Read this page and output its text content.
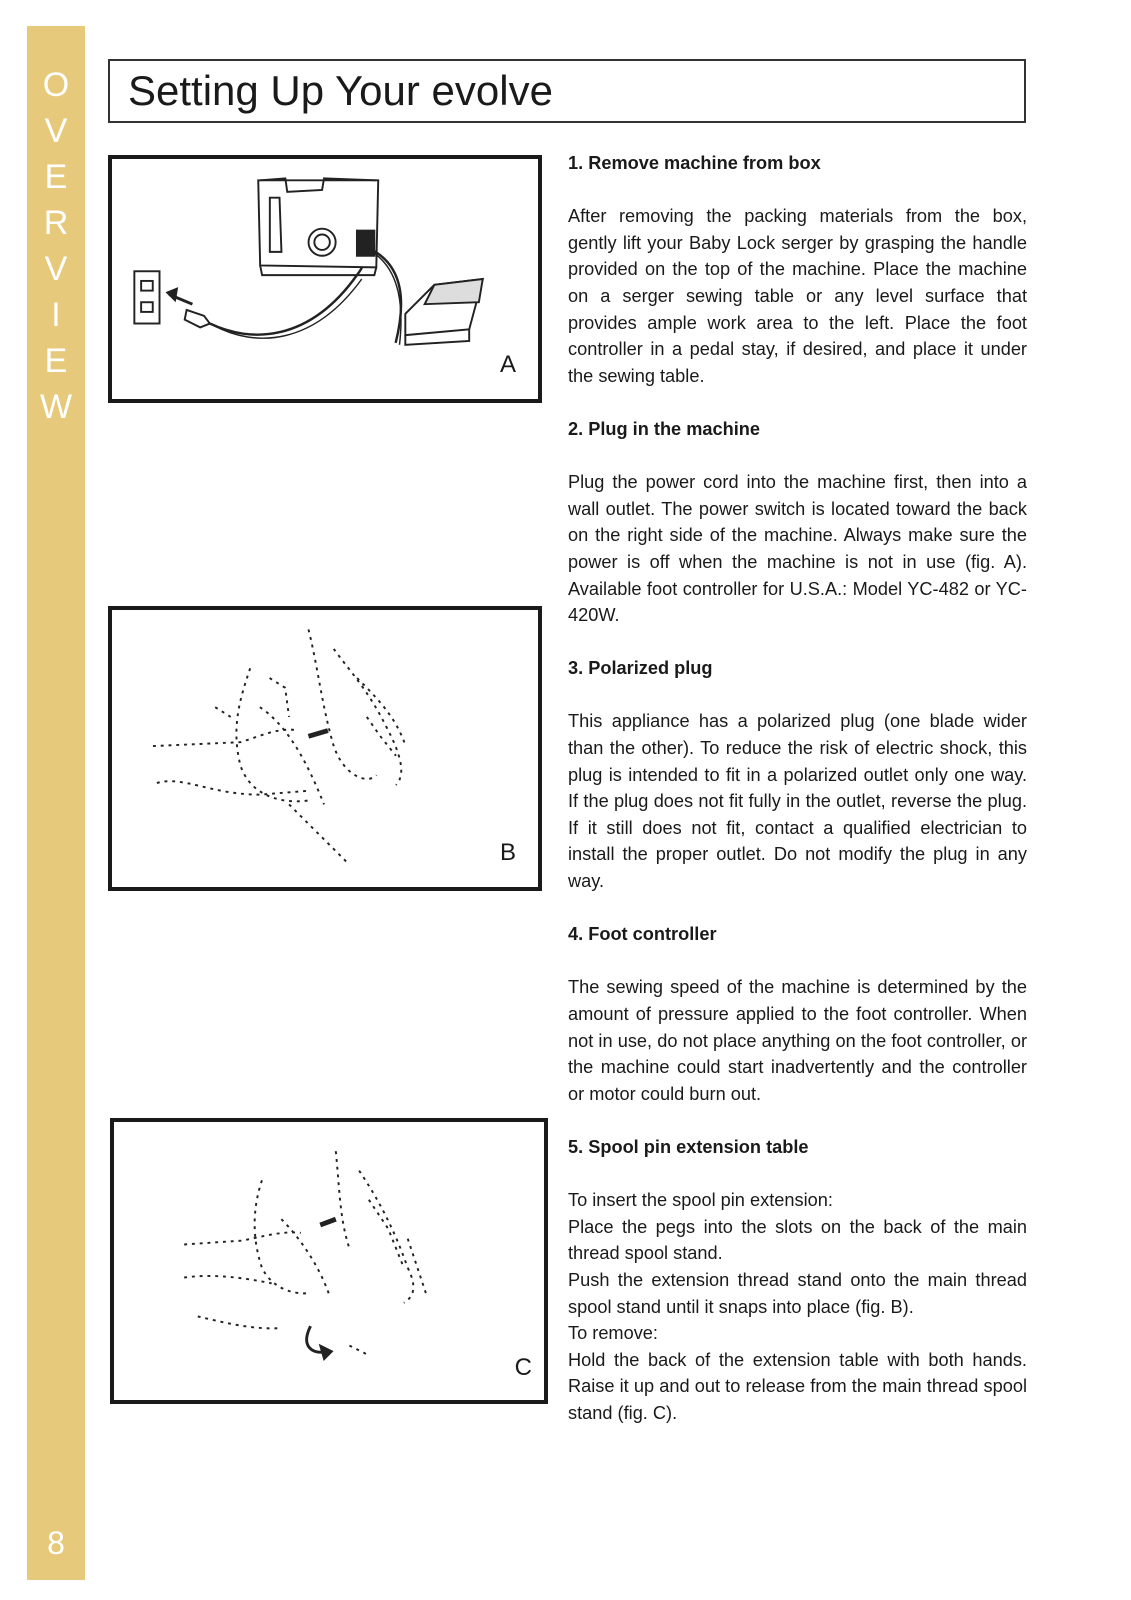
O
V
E
R
V
I
E
W
8
Setting Up Your evolve
A
B
C
1. Remove machine from box

After removing the packing materials from the box, gently lift your Baby Lock serger by grasping the handle provided on the top of the machine. Place the machine on a serger sewing table or any level surface that provides ample work area to the left. Place the foot controller in a pedal stay, if desired, and place it under the sewing table.

2. Plug in the machine

Plug the power cord into the machine first, then into a wall outlet. The power switch is located toward the back on the right side of the machine. Always make sure the power is off when the machine is not in use (fig. A). Available foot controller for U.S.A.: Model YC-482 or YC-420W.

3. Polarized plug

This appliance has a polarized plug (one blade wider than the other). To reduce the risk of electric shock, this plug is intended to fit in a polarized outlet only one way. If the plug does not fit fully in the outlet, reverse the plug. If it still does not fit, contact a qualified electrician to install the proper outlet. Do not modify the plug in any way.

4. Foot controller

The sewing speed of the machine is determined by the amount of pressure applied to the foot controller. When not in use, do not place anything on the foot controller, or the machine could start inadvertently and the controller or motor could burn out.

5. Spool pin extension table

To insert the spool pin extension:

Place the pegs into the slots on the back of the main thread spool stand.

Push the extension thread stand onto the main thread spool stand until it snaps into place (fig. B).

To remove:

Hold the back of the extension table with both hands. Raise it up and out to release from the main thread spool stand (fig. C).
